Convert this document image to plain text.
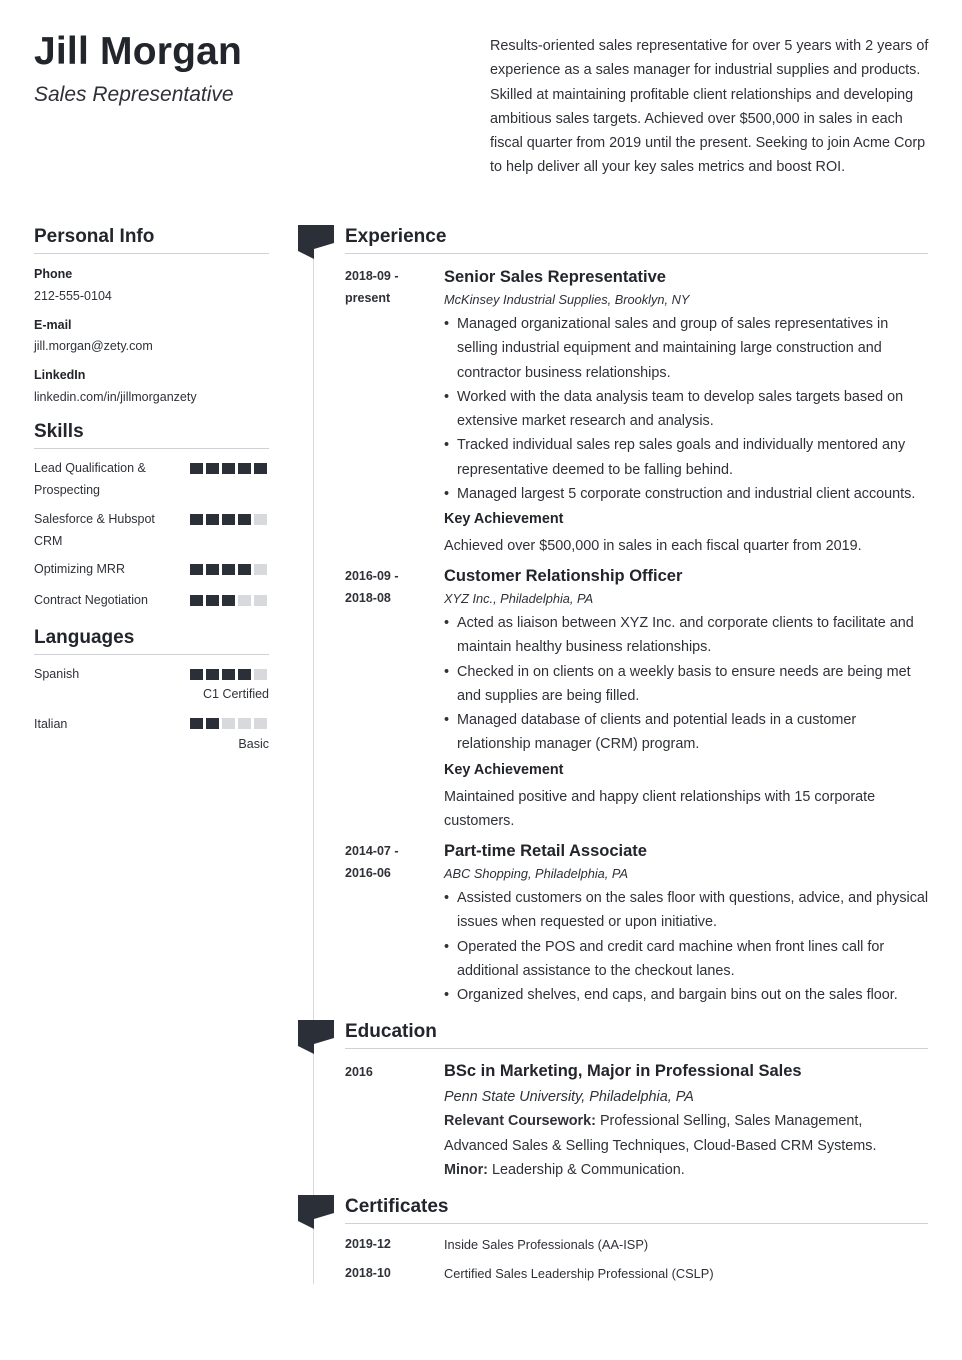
Jill Morgan
Sales Representative
Results-oriented sales representative for over 5 years with 2 years of experience as a sales manager for industrial supplies and products. Skilled at maintaining profitable client relationships and developing ambitious sales targets. Achieved over $500,000 in sales in each fiscal quarter from 2019 until the present. Seeking to join Acme Corp to help deliver all your key sales metrics and boost ROI.
Personal Info
Phone
212-555-0104
E-mail
jill.morgan@zety.com
LinkedIn
linkedin.com/in/jillmorganzety
Skills
Lead Qualification & Prospecting
Salesforce & Hubspot CRM
Optimizing MRR
Contract Negotiation
Languages
Spanish
C1 Certified
Italian
Basic
Experience
2018-09 - present
Senior Sales Representative
McKinsey Industrial Supplies, Brooklyn, NY
• Managed organizational sales and group of sales representatives in selling industrial equipment and maintaining large construction and contractor business relationships.
• Worked with the data analysis team to develop sales targets based on extensive market research and analysis.
• Tracked individual sales rep sales goals and individually mentored any representative deemed to be falling behind.
• Managed largest 5 corporate construction and industrial client accounts.
Key Achievement
Achieved over $500,000 in sales in each fiscal quarter from 2019.
2016-09 - 2018-08
Customer Relationship Officer
XYZ Inc., Philadelphia, PA
• Acted as liaison between XYZ Inc. and corporate clients to facilitate and maintain healthy business relationships.
• Checked in on clients on a weekly basis to ensure needs are being met and supplies are being filled.
• Managed database of clients and potential leads in a customer relationship manager (CRM) program.
Key Achievement
Maintained positive and happy client relationships with 15 corporate customers.
2014-07 - 2016-06
Part-time Retail Associate
ABC Shopping, Philadelphia, PA
• Assisted customers on the sales floor with questions, advice, and physical issues when requested or upon initiative.
• Operated the POS and credit card machine when front lines call for additional assistance to the checkout lanes.
• Organized shelves, end caps, and bargain bins out on the sales floor.
Education
2016	BSc in Marketing, Major in Professional Sales
Penn State University, Philadelphia, PA
Relevant Coursework: Professional Selling, Sales Management, Advanced Sales & Selling Techniques, Cloud-Based CRM Systems.
Minor: Leadership & Communication.
Certificates
2019-12	Inside Sales Professionals (AA-ISP)
2018-10	Certified Sales Leadership Professional (CSLP)
